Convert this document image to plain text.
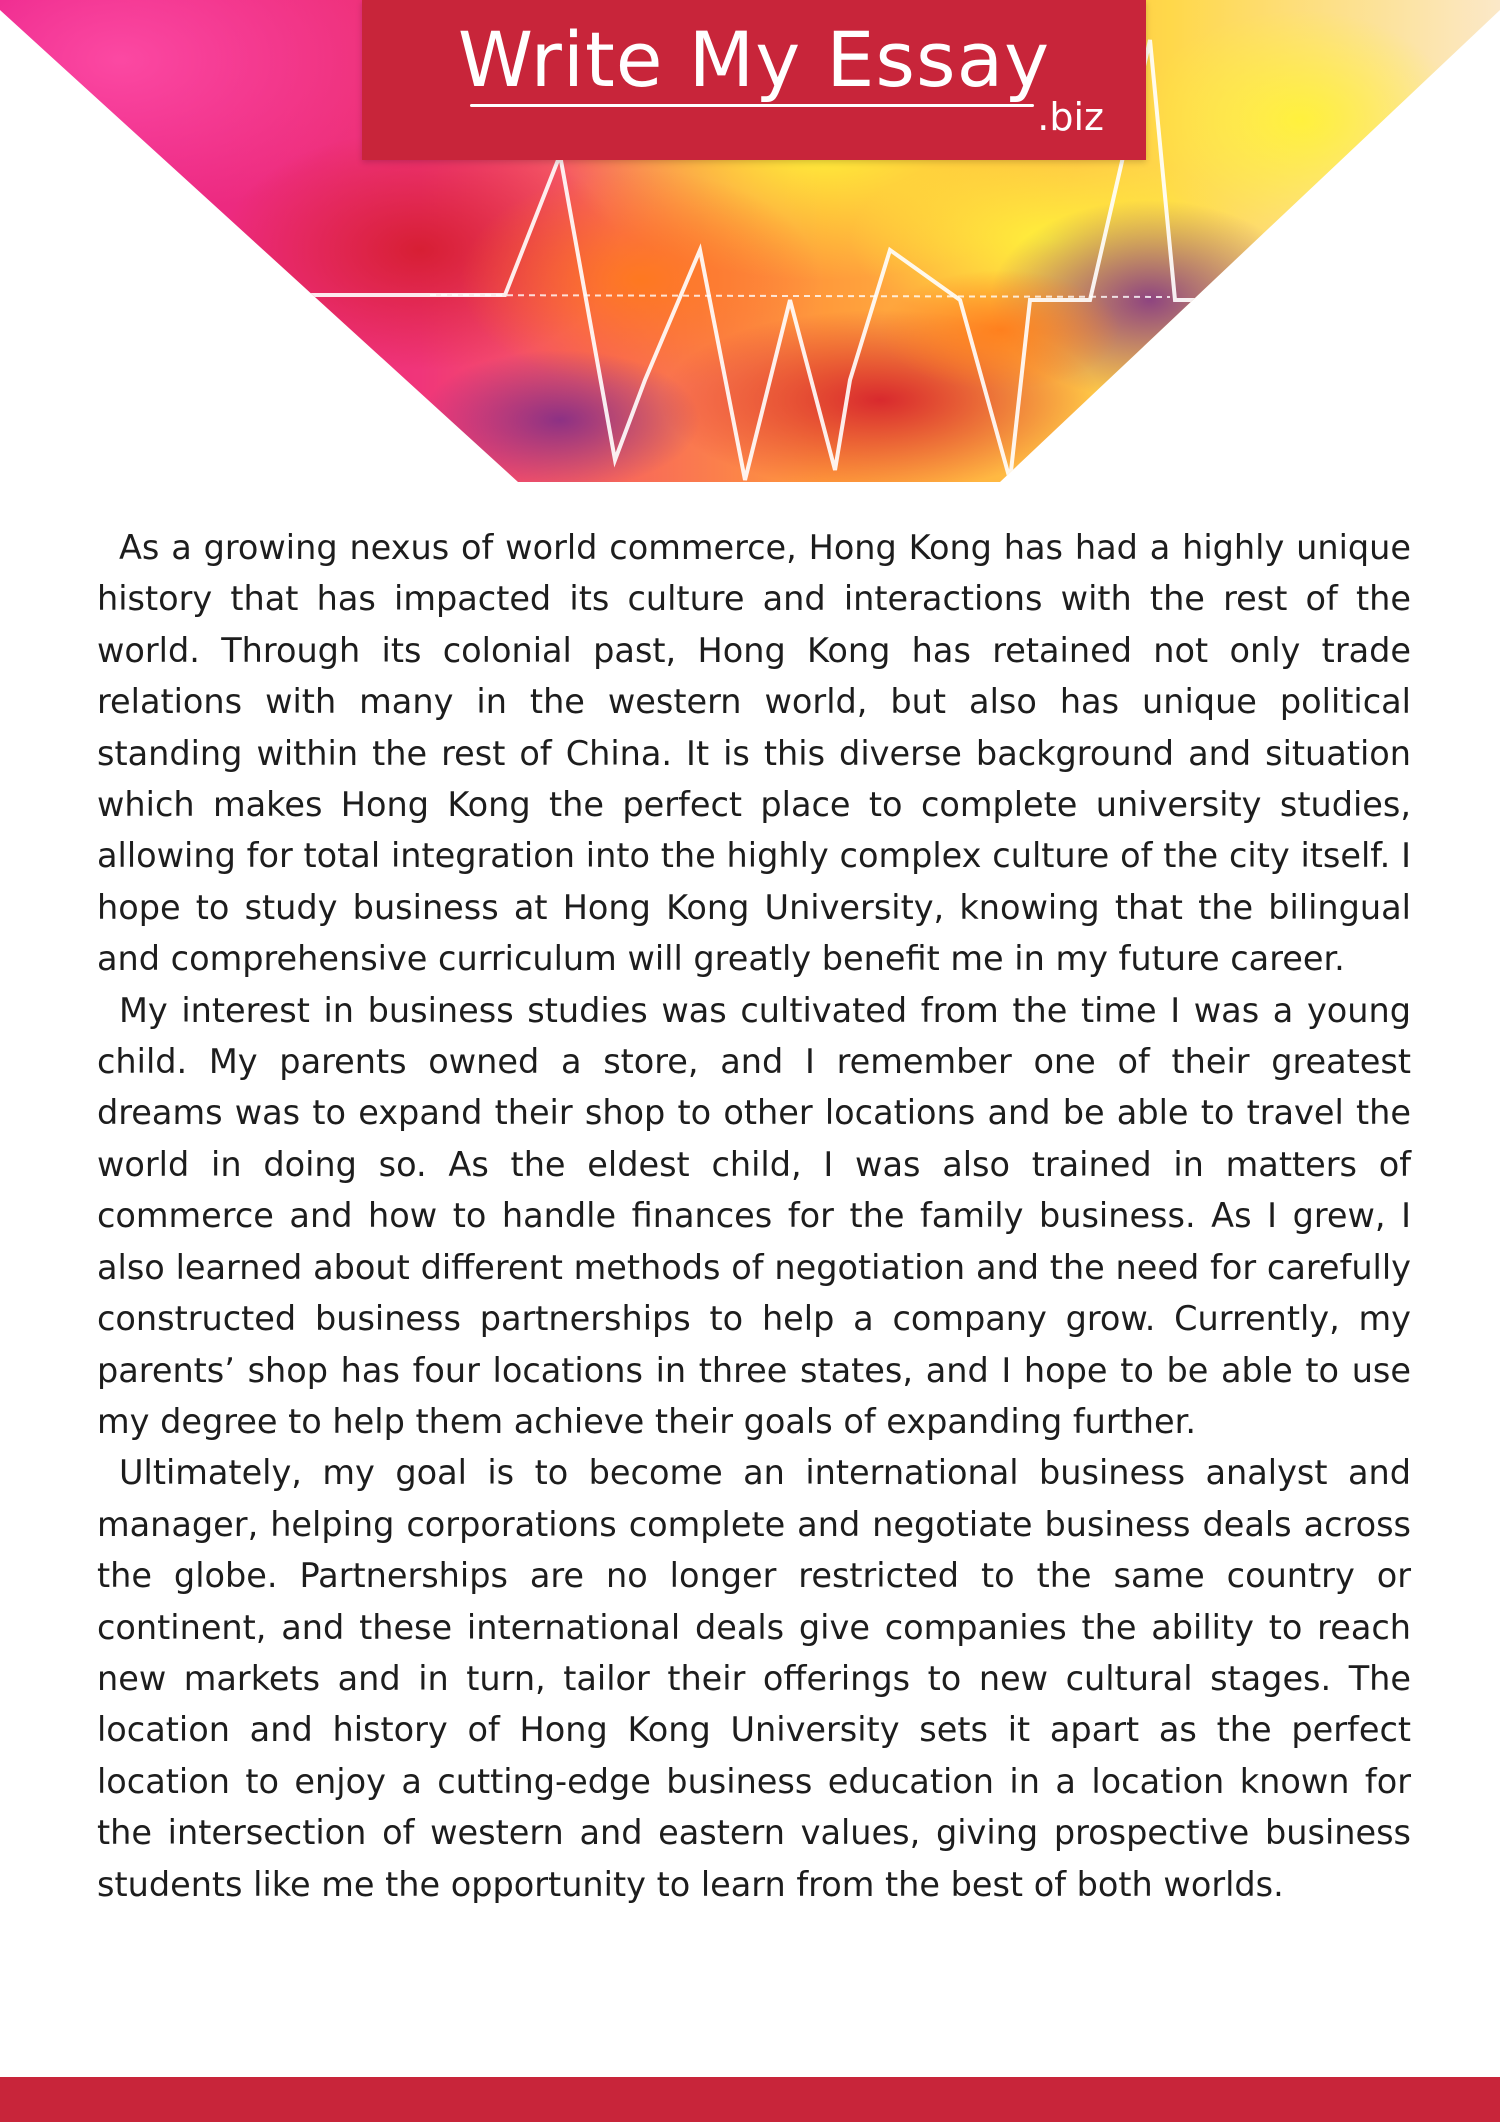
Write My Essay
.biz

As a growing nexus of world commerce, Hong Kong has had a highly unique history that has impacted its culture and interactions with the rest of the world. Through its colonial past, Hong Kong has retained not only trade relations with many in the western world, but also has unique political standing within the rest of China. It is this diverse background and situation which makes Hong Kong the perfect place to complete university studies, allowing for total integration into the highly complex culture of the city itself. I hope to study business at Hong Kong University, knowing that the bilingual and comprehensive curriculum will greatly benefit me in my future career.

My interest in business studies was cultivated from the time I was a young child. My parents owned a store, and I remember one of their greatest dreams was to expand their shop to other locations and be able to travel the world in doing so. As the eldest child, I was also trained in matters of commerce and how to handle finances for the family business. As I grew, I also learned about different methods of negotiation and the need for carefully constructed business partnerships to help a company grow. Currently, my parents’ shop has four locations in three states, and I hope to be able to use my degree to help them achieve their goals of expanding further.

Ultimately, my goal is to become an international business analyst and manager, helping corporations complete and negotiate business deals across the globe. Partnerships are no longer restricted to the same country or continent, and these international deals give companies the ability to reach new markets and in turn, tailor their offerings to new cultural stages. The location and history of Hong Kong University sets it apart as the perfect location to enjoy a cutting-edge business education in a location known for the intersection of western and eastern values, giving prospective business students like me the opportunity to learn from the best of both worlds.
